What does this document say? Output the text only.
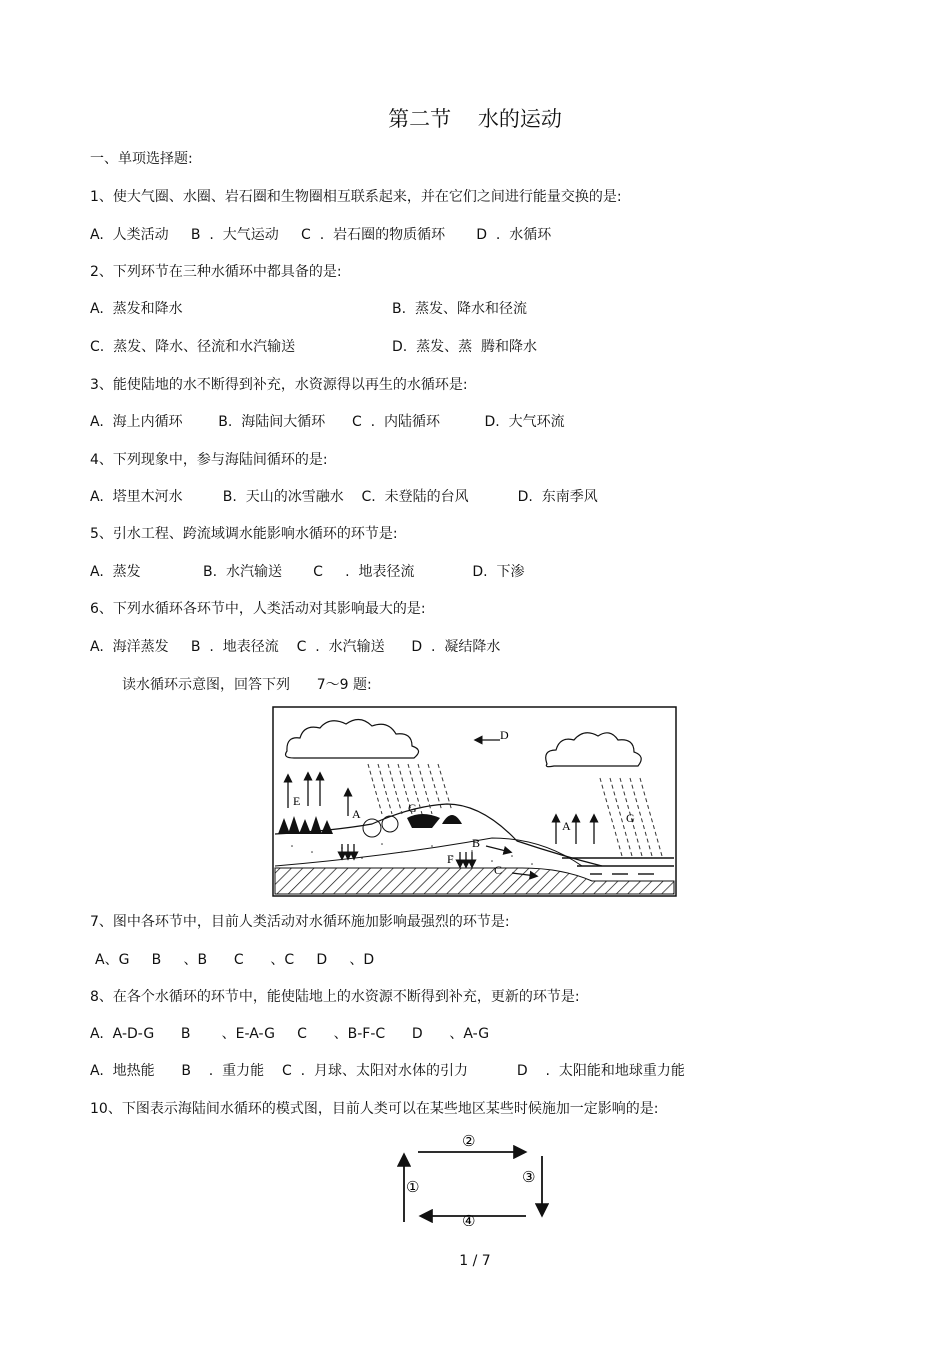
第二节    水的运动
一、单项选择题:
1、使大气圈、水圈、岩石圈和生物圈相互联系起来，并在它们之间进行能量交换的是:
A.  人类活动     B  .  大气运动     C  .  岩石圈的物质循环       D  .  水循环
2、下列环节在三种水循环中都具备的是:
A.  蒸发和降水	B.  蒸发、降水和径流
C.  蒸发、降水、径流和水汽输送	D.  蒸发、蒸  腾和降水
3、能使陆地的水不断得到补充，水资源得以再生的水循环是:
A.  海上内循环        B.  海陆间大循环      C  .  内陆循环          D.  大气环流
4、下列现象中，参与海陆间循环的是:
A.  塔里木河水         B.  天山的冰雪融水    C.  未登陆的台风           D.  东南季风
5、引水工程、跨流域调水能影响水循环的环节是:
A.  蒸发              B.  水汽输送       C     .  地表径流             D.  下渗
6、下列水循环各环节中，人类活动对其影响最大的是:
A.  海洋蒸发     B  .  地表径流    C  .  水汽输送      D  .  凝结降水
读水循环示意图，回答下列      7～9 题:
D
E
A	G
A
G
B
F
C
7、图中各环节中，目前人类活动对水循环施加影响最强烈的环节是:
A、G     B     、B      C      、C     D     、D
8、在各个水循环的环节中，能使陆地上的水资源不断得到补充，更新的环节是:
A.  A-D-G      B       、E-A-G     C      、B-F-C      D      、A-G
A.  地热能      B    .  重力能    C  .  月球、太阳对水体的引力           D    .  太阳能和地球重力能
10、下图表示海陆间水循环的模式图，目前人类可以在某些地区某些时候施加一定影响的是:
①
②
③
④
1 / 7
